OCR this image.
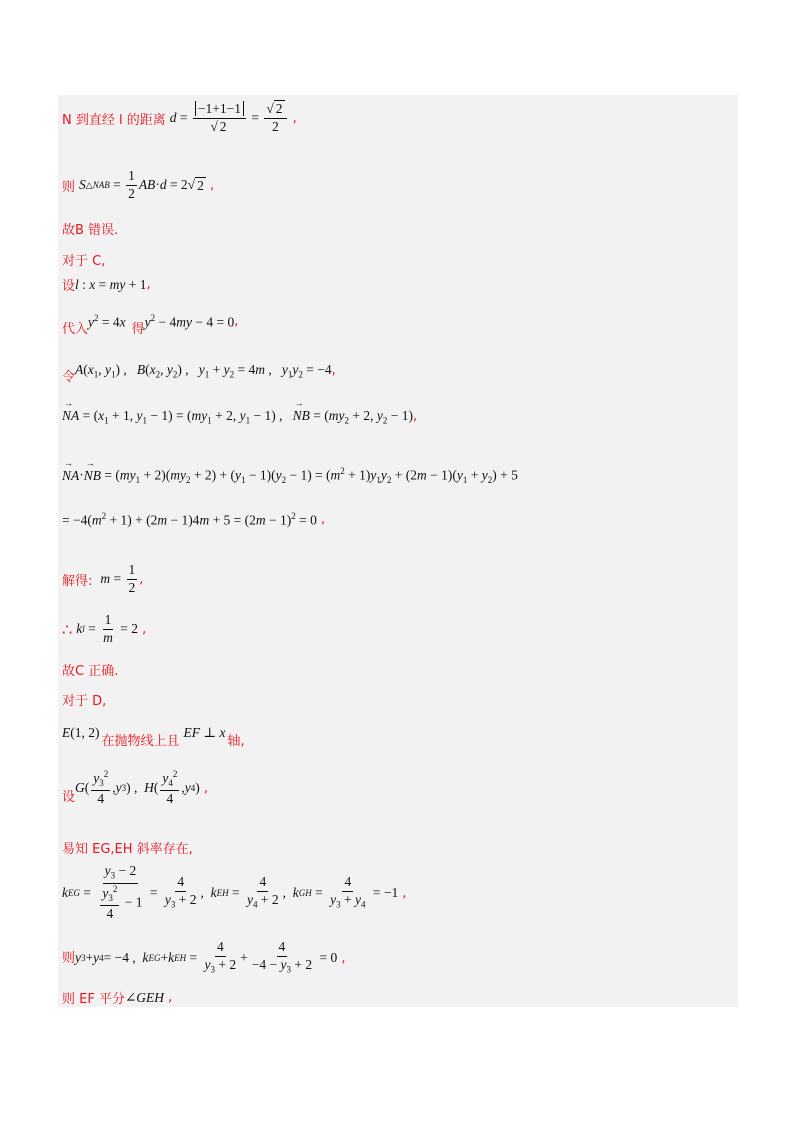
N 到直经 l 的距离 $d = \frac{-1+1-1}{√ 2} = \frac{√ 2}{2}$ ,
则 S △NAB = $\frac{1}{2}$ AB · d = 2√ 2 ,
故B 错误.
对于 C,
设 l : x = my + 1 ,
代入
$y^2 = 4x$
得
$y^2 - 4my - 4 = 0$ ,
令
$A(x_1$, $y_1$) ,   $B(x_2$, $y_2$) ,   $y_1 + y_2 = 4m$ ,   $y_1y_2 = -4$ ,
→ NA = ($x_1 + 1$, $y_1 - 1) = (my_1 + 2$, $y_1 - 1$) ,   → NB = ($my_2 + 2$, $y_2 - 1$) ,
→ NA·→ NB = $(my_1 + 2)(my_2 + 2) + (y_1 - 1)(y_2 - 1) = (m^2 + 1)y_1y_2 + (2m - 1)(y_1 + y_2) + 5$
= $-4(m^2 + 1) + (2m - 1)4m + 5 = (2m - 1)^2 = 0$ ,
解得: $m = \frac{1}{2}$ ,
∴ k $l = \frac{1}{m} = 2$ ,
故C 正确.
对于 D,
E(1, 2)
在抛物线上且
EF ⊥ x
轴,
设
G ( $\frac{y_3^2}{4}$ , y 3 ) , H ( $\frac{y_4^2}{4}$ , y 4 ) ,
易知 EG,EH 斜率存在,
k EG = $\frac{y_3 - 2}{\frac{y_3^2}{4} - 1} = \frac{4}{y_3 + 2}$ , k EH = $\frac{4}{y_4 + 2}$ , k GH = $\frac{4}{y_3 + y_4} = -1$ ,
则 y 3 + y 4 = −4 , k EG + k EH = $\frac{4}{y_3 + 2} + \frac{4}{-4 - y_3 + 2} = 0$ ,
则 EF 平分 ∠GEH ,
